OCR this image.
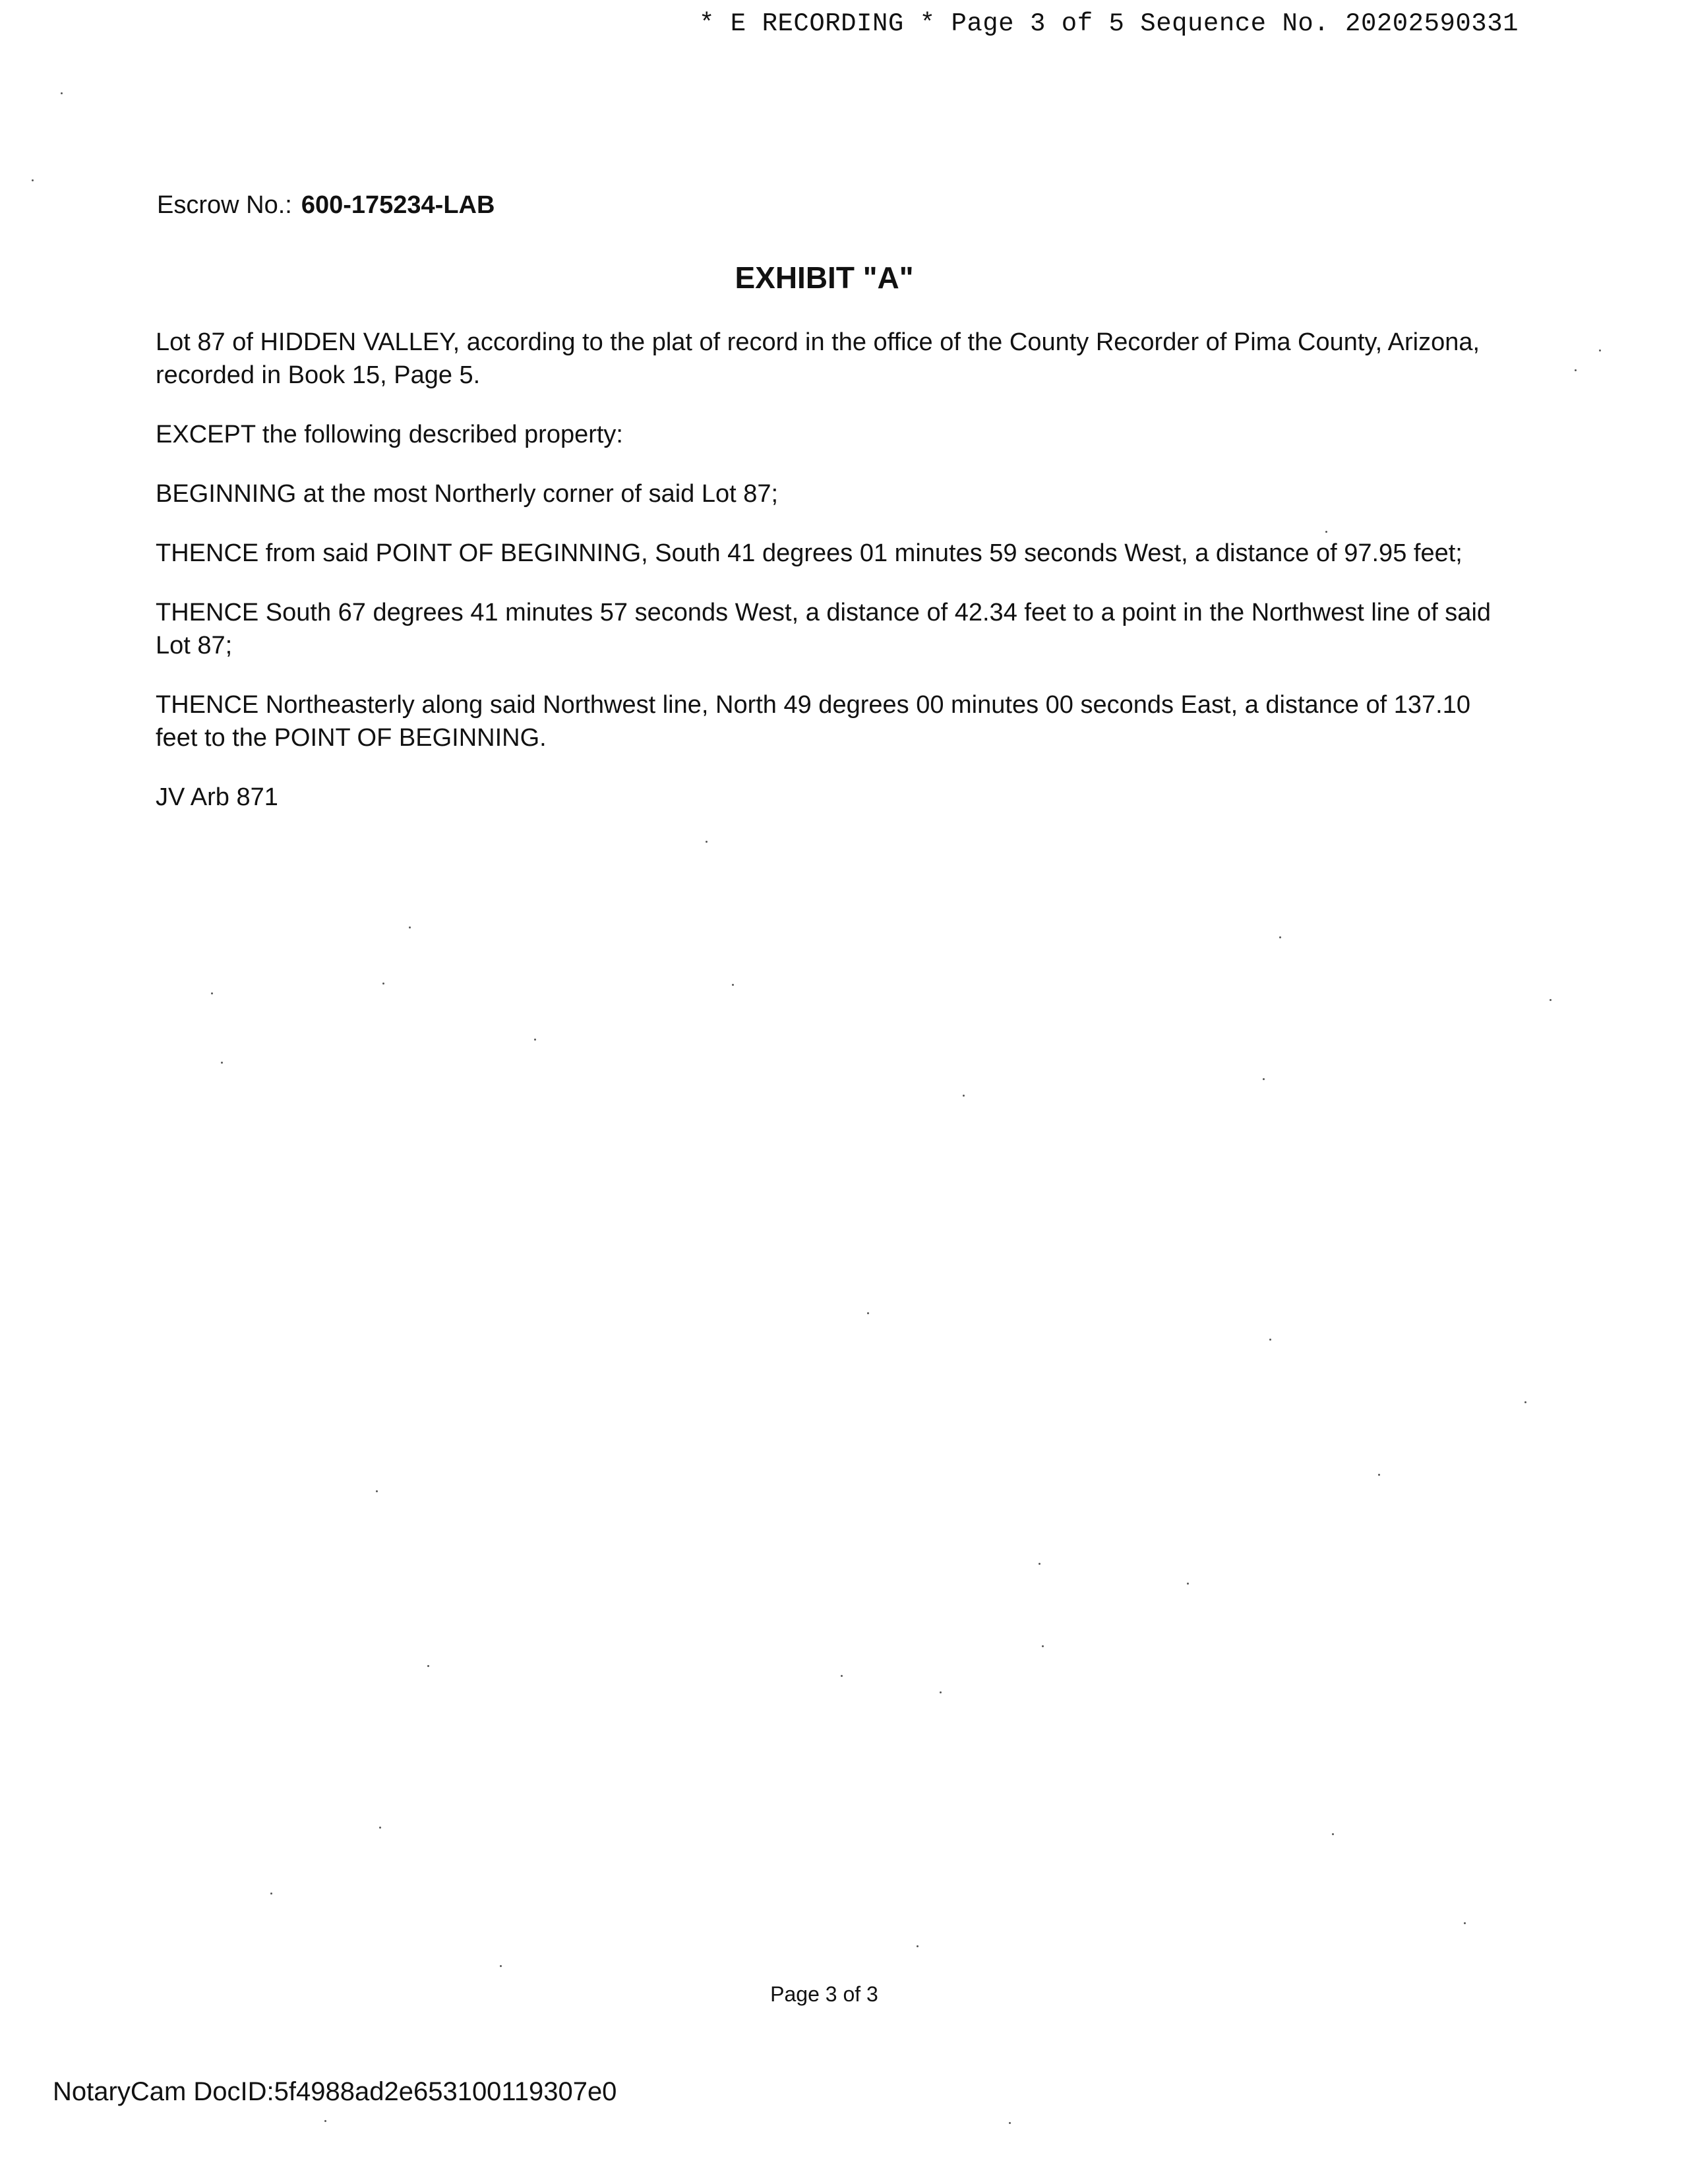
* E RECORDING * Page 3 of 5 Sequence No. 20202590331
Escrow No.: 600-175234-LAB
EXHIBIT "A"

Lot 87 of HIDDEN VALLEY, according to the plat of record in the office of the County Recorder of Pima County, Arizona, recorded in Book 15, Page 5.

EXCEPT the following described property:

BEGINNING at the most Northerly corner of said Lot 87;

THENCE from said POINT OF BEGINNING, South 41 degrees 01 minutes 59 seconds West, a distance of 97.95 feet;

THENCE South 67 degrees 41 minutes 57 seconds West, a distance of 42.34 feet to a point in the Northwest line of said Lot 87;

THENCE Northeasterly along said Northwest line, North 49 degrees 00 minutes 00 seconds East, a distance of 137.10 feet to the POINT OF BEGINNING.

JV Arb 871

Page 3 of 3
NotaryCam DocID:5f4988ad2e653100119307e0
